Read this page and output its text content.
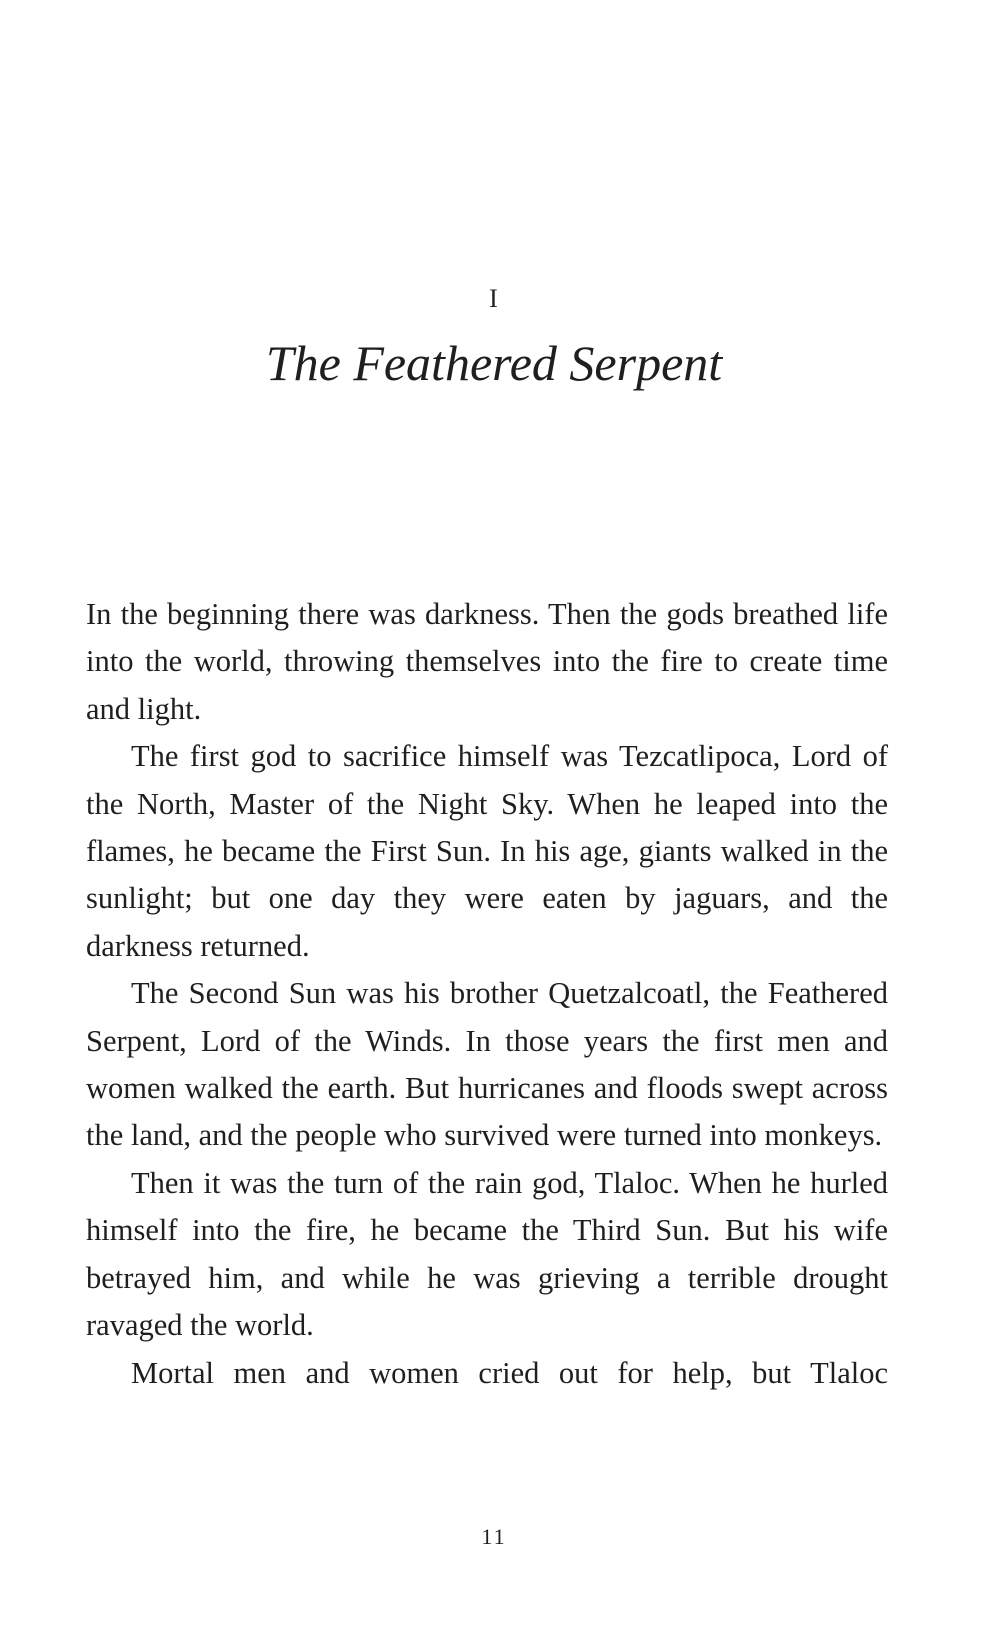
I
The Feathered Serpent

In the beginning there was darkness. Then the gods breathed life into the world, throwing themselves into the fire to create time and light.

The first god to sacrifice himself was Tezcatlipoca, Lord of the North, Master of the Night Sky. When he leaped into the flames, he became the First Sun. In his age, giants walked in the sunlight; but one day they were eaten by jaguars, and the darkness returned.

The Second Sun was his brother Quetzalcoatl, the Feathered Serpent, Lord of the Winds. In those years the first men and women walked the earth. But hurricanes and floods swept across the land, and the people who survived were turned into monkeys.

Then it was the turn of the rain god, Tlaloc. When he hurled himself into the fire, he became the Third Sun. But his wife betrayed him, and while he was grieving a terrible drought ravaged the world.

Mortal men and women cried out for help, but Tlaloc

11
